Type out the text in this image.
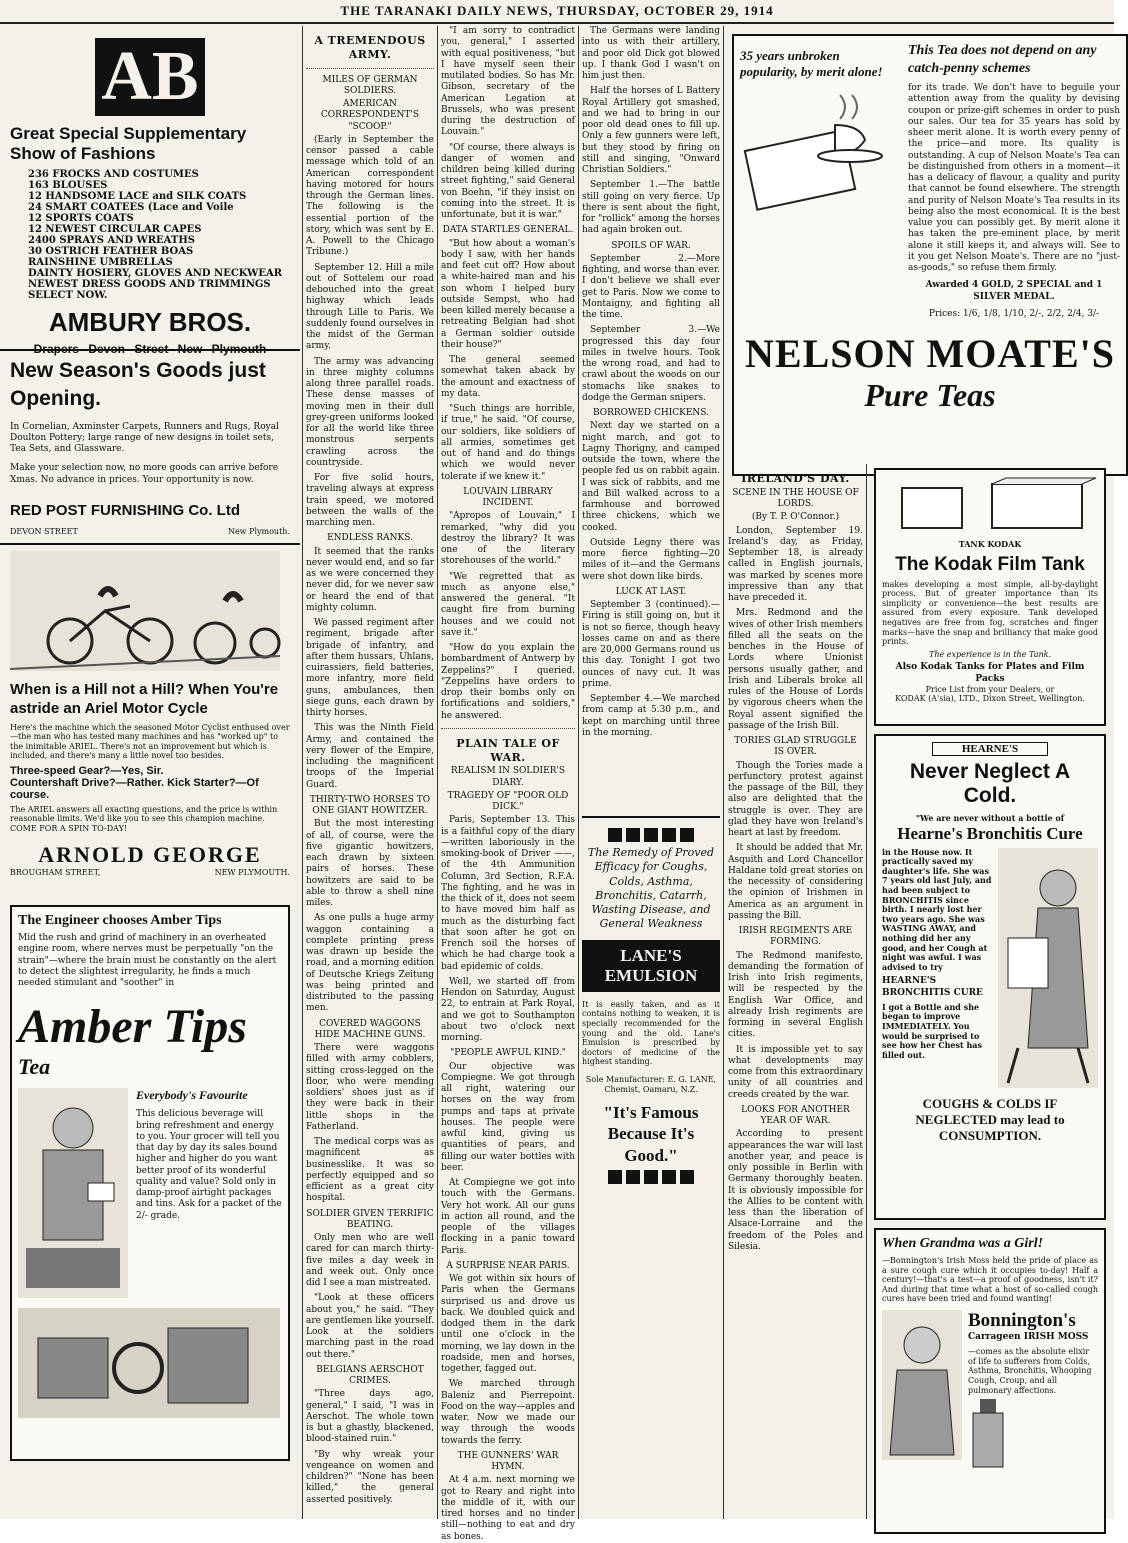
THE TARANAKI DAILY NEWS, THURSDAY, OCTOBER 29, 1914
AB
Great Special Supplementary Show of Fashions
236 FROCKS AND COSTUMES
163 BLOUSES
12 HANDSOME LACE and SILK COATS
24 SMART COATEES (Lace and Voile
12 SPORTS COATS
12 NEWEST CIRCULAR CAPES
2400 SPRAYS AND WREATHS
30 OSTRICH FEATHER BOAS
RAINSHINE UMBRELLAS
DAINTY HOSIERY, GLOVES AND NECKWEAR
NEWEST DRESS GOODS AND TRIMMINGS
SELECT NOW.
AMBURY BROS.
Drapers Devon Street New Plymouth
New Season's Goods just Opening.
In Cornelian, Axminster Carpets, Runners and Rugs, Royal Doulton Pottery; large range of new designs in toilet sets, Tea Sets, and Glassware.
Make your selection now, no more goods can arrive before Xmas. No advance in prices. Your opportunity is now.
RED POST FURNISHING Co. Ltd
DEVON STREET	New Plymouth.
When is a Hill not a Hill? When You're astride an Ariel Motor Cycle
Here's the machine which the seasoned Motor Cyclist enthused over—the man who has tested many machines and has "worked up" to the inimitable ARIEL. There's not an improvement but which is included, and there's many a little novel too besides.
Three-speed Gear?—Yes, Sir.
Countershaft Drive?—Rather. Kick Starter?—Of course.
The ARIEL answers all exacting questions, and the price is within reasonable limits. We'd like you to see this champion machine. COME FOR A SPIN TO-DAY!
ARNOLD GEORGE
BROUGHAM STREET,	NEW PLYMOUTH.
The Engineer chooses Amber Tips
Mid the rush and grind of machinery in an overheated engine room, where nerves must be perpetually "on the strain"—where the brain must be constantly on the alert to detect the slightest irregularity, he finds a much needed stimulant and "soother" in
Amber Tips Tea
Everybody's Favourite
This delicious beverage will bring refreshment and energy to you. Your grocer will tell you that day by day its sales bound higher and higher do you want better proof of its wonderful quality and value? Sold only in damp-proof airtight packages and tins. Ask for a packet of the 2/- grade.
A TREMENDOUS ARMY.
MILES OF GERMAN SOLDIERS.
AMERICAN CORRESPONDENT'S "SCOOP."

(Early in September the censor passed a cable message which told of an American correspondent having motored for hours through the German lines. The following is the essential portion of the story, which was sent by E. A. Powell to the Chicago Tribune.)

September 12. Hill a mile out of Sottelem our road debouched into the great highway which leads through Lille to Paris. We suddenly found ourselves in the midst of the German army.

The army was advancing in three mighty columns along three parallel roads. These dense masses of moving men in their dull grey-green uniforms looked for all the world like three monstrous serpents crawling across the countryside.

For five solid hours, traveling always at express train speed, we motored between the walls of the marching men.

ENDLESS RANKS.

It seemed that the ranks never would end, and so far as we were concerned they never did, for we never saw or heard the end of that mighty column.

We passed regiment after regiment, brigade after brigade of infantry, and after them hussars, Uhlans, cuirassiers, field batteries, more infantry, more field guns, ambulances, then siege guns, each drawn by thirty horses.

This was the Ninth Field Army, and contained the very flower of the Empire, including the magnificent troops of the Imperial Guard.

THIRTY-TWO HORSES TO ONE GIANT HOWITZER.

But the most interesting of all, of course, were the five gigantic howitzers, each drawn by sixteen pairs of horses. These howitzers are said to be able to throw a shell nine miles.

As one pulls a huge army waggon containing a complete printing press was drawn up beside the road, and a morning edition of Deutsche Kriegs Zeitung was being printed and distributed to the passing men.

COVERED WAGGONS HIDE MACHINE GUNS.

There were waggons filled with army cobblers, sitting cross-legged on the floor, who were mending soldiers' shoes just as if they were back in their little shops in the Fatherland.

The medical corps was as magnificent as businesslike. It was so perfectly equipped and so efficient as a great city hospital.

SOLDIER GIVEN TERRIFIC BEATING.

Only men who are well cared for can march thirty-five miles a day week in and week out. Only once did I see a man mistreated.

"Look at these officers about you," he said. "They are gentlemen like yourself. Look at the soldiers marching past in the road out there."

BELGIANS AERSCHOT CRIMES.

"Three days ago, general," I said, "I was in Aerschot. The whole town is but a ghastly, blackened, blood-stained ruin."

"By why wreak your vengeance on women and children?" "None has been killed," the general asserted positively.

"I am sorry to contradict you, general," I asserted with equal positiveness, "but I have myself seen their mutilated bodies. So has Mr. Gibson, secretary of the American Legation at Brussels, who was present during the destruction of Louvain."

"Of course, there always is danger of women and children being killed during street fighting," said General von Boehn, "if they insist on coming into the street. It is unfortunate, but it is war."

DATA STARTLES GENERAL.

"But how about a woman's body I saw, with her hands and feet cut off? How about a white-haired man and his son whom I helped bury outside Sempst, who had been killed merely because a retreating Belgian had shot a German soldier outside their house?"

The general seemed somewhat taken aback by the amount and exactness of my data.

"Such things are horrible, if true," he said. "Of course, our soldiers, like soldiers of all armies, sometimes get out of hand and do things which we would never tolerate if we knew it."

LOUVAIN LIBRARY INCIDENT.

"Apropos of Louvain," I remarked, "why did you destroy the library? It was one of the literary storehouses of the world."

"We regretted that as much as anyone else," answered the general. "It caught fire from burning houses and we could not save it."

"How do you explain the bombardment of Antwerp by Zeppelins?" I queried. "Zeppelins have orders to drop their bombs only on fortifications and soldiers," he answered.

PLAIN TALE OF WAR.
REALISM IN SOLDIER'S DIARY.
TRAGEDY OF "POOR OLD DICK."

Paris, September 13. This is a faithful copy of the diary—written laboriously in the smoking-book of Driver ——, of the 4th Ammunition Column, 3rd Section, R.F.A. The fighting, and he was in the thick of it, does not seem to have moved him half as much as the disturbing fact that soon after he got on French soil the horses of which he had charge took a bad epidemic of colds.

Well, we started off from Hendon on Saturday, August 22, to entrain at Park Royal, and we got to Southampton about two o'clock next morning.

"PEOPLE AWFUL KIND."

Our objective was Compiegne. We got through all right, watering our horses on the way from pumps and taps at private houses. The people were awful kind, giving us quantities of pears, and filling our water bottles with beer.

At Compiegne we got into touch with the Germans. Very hot work. All our guns in action all round, and the people of the villages flocking in a panic toward Paris.

A SURPRISE NEAR PARIS.

We got within six hours of Paris when the Germans surprised us and drove us back. We doubled quick and dodged them in the dark until one o'clock in the morning, we lay down in the roadside, men and horses, together, fagged out.

We marched through Baleniz and Pierrepoint. Food on the way—apples and water. Now we made our way through the woods towards the ferry.

THE GUNNERS' WAR HYMN.

At 4 a.m. next morning we got to Reary and right into the middle of it, with our tired horses and no tinder still—nothing to eat and dry as bones.

The Germans were landing into us with their artillery, and poor old Dick got blowed up. I thank God I wasn't on him just then.

Half the horses of L Battery Royal Artillery got smashed, and we had to bring in our poor old dead ones to fill up. Only a few gunners were left, but they stood by firing on still and singing, "Onward Christian Soldiers."

September 1.—The battle still going on very fierce. Up there is sent about the fight, for "rollick" among the horses had again broken out.

SPOILS OF WAR.

September 2.—More fighting, and worse than ever. I don't believe we shall ever get to Paris. Now we come to Montaigny, and fighting all the time.

September 3.—We progressed this day four miles in twelve hours. Took the wrong road, and had to crawl about the woods on our stomachs like snakes to dodge the German snipers.

BORROWED CHICKENS.

Next day we started on a night march, and got to Lagny Thorigny, and camped outside the town, where the people fed us on rabbit again. I was sick of rabbits, and me and Bill walked across to a farmhouse and borrowed three chickens, which we cooked.

Outside Legny there was more fierce fighting—20 miles of it—and the Germans were shot down like birds.

LUCK AT LAST.

September 3 (continued).—Firing is still going on, but it is not so fierce, though heavy losses came on and as there are 20,000 Germans round us this day. Tonight I got two ounces of navy cut. It was prime.

September 4.—We marched from camp at 5.30 p.m., and kept on marching until three in the morning.

The Remedy of Proved Efficacy for Coughs, Colds, Asthma, Bronchitis, Catarrh, Wasting Disease, and General Weakness
LANE'S EMULSION
It is easily taken, and as it contains nothing to weaken, it is specially recommended for the young and the old. Lane's Emulsion is prescribed by doctors of medicine of the highest standing.
Sole Manufacturer: E. G. LANE, Chemist, Oamaru, N.Z.
"It's Famous Because It's Good."
35 years unbroken popularity, by merit alone!
This Tea does not depend on any catch-penny schemes
for its trade. We don't have to beguile your attention away from the quality by devising coupon or prize-gift schemes in order to push our sales. Our tea for 35 years has sold by sheer merit alone. It is worth every penny of the price—and more. Its quality is outstanding. A cup of Nelson Moate's Tea can be distinguished from others in a moment—it has a delicacy of flavour, a quality and purity that cannot be found elsewhere. The strength and purity of Nelson Moate's Tea results in its being also the most economical. It is the best value you can possibly get. By merit alone it has taken the pre-eminent place, by merit alone it still keeps it, and always will. See to it you get Nelson Moate's. There are no "just-as-goods," so refuse them firmly.
Awarded 4 GOLD, 2 SPECIAL and 1 SILVER MEDAL.
Prices: 1/6, 1/8, 1/10, 2/-, 2/2, 2/4, 3/-
NELSON MOATE'S
Pure Teas
IRELAND'S DAY.
SCENE IN THE HOUSE OF LORDS.
(By T. P. O'Connor.)

London, September 19. Ireland's day, as Friday, September 18, is already called in English journals, was marked by scenes more impressive than any that have preceded it.

Mrs. Redmond and the wives of other Irish members filled all the seats on the benches in the House of Lords where Unionist persons usually gather, and Irish and Liberals broke all rules of the House of Lords by vigorous cheers when the Royal assent signified the passage of the Irish Bill.

TORIES GLAD STRUGGLE IS OVER.

Though the Tories made a perfunctory protest against the passage of the Bill, they also are delighted that the struggle is over. They are glad they have won Ireland's heart at last by freedom.

It should be added that Mr. Asquith and Lord Chancellor Haldane told great stories on the necessity of considering the opinion of Irishmen in America as an argument in passing the Bill.

IRISH REGIMENTS ARE FORMING.

The Redmond manifesto, demanding the formation of Irish into Irish regiments, will be respected by the English War Office, and already Irish regiments are forming in several English cities.

It is impossible yet to say what developments may come from this extraordinary unity of all countries and creeds created by the war.

LOOKS FOR ANOTHER YEAR OF WAR.

According to present appearances the war will last another year, and peace is only possible in Berlin with Germany thoroughly beaten. It is obviously impossible for the Allies to be content with less than the liberation of Alsace-Lorraine and the freedom of the Poles and Silesia.

TANK KODAK
The Kodak Film Tank
makes developing a most simple, all-by-daylight process. But of greater importance than its simplicity or convenience—the best results are assured from every exposure. Tank developed negatives are free from fog, scratches and finger marks—have the snap and brilliancy that make good prints.
The experience is in the Tank.
Also Kodak Tanks for Plates and Film Packs
Price List from your Dealers, or
KODAK (A'sia), LTD., Dixon Street, Wellington.
HEARNE'S
Never Neglect A Cold.
"We are never without a bottle of
Hearne's Bronchitis Cure
in the House now. It practically saved my daughter's life. She was 7 years old last July, and had been subject to BRONCHITIS since birth. I nearly lost her two years ago. She was WASTING AWAY, and nothing did her any good, and her Cough at night was awful. I was advised to try
HEARNE'S BRONCHITIS CURE
I got a Bottle and she began to improve IMMEDIATELY. You would be surprised to see how her Chest has filled out.
COUGHS & COLDS IF NEGLECTED may lead to CONSUMPTION.
When Grandma was a Girl!
—Bonnington's Irish Moss held the pride of place as a sure cough cure which it occupies to-day! Half a century!—that's a test—a proof of goodness, isn't it? And during that time what a host of so-called cough cures have been tried and found wanting!
Bonnington's
Carrageen IRISH MOSS
—comes as the absolute elixir of life to sufferers from Colds, Asthma, Bronchitis, Whooping Cough, Croup, and all pulmonary affections.
